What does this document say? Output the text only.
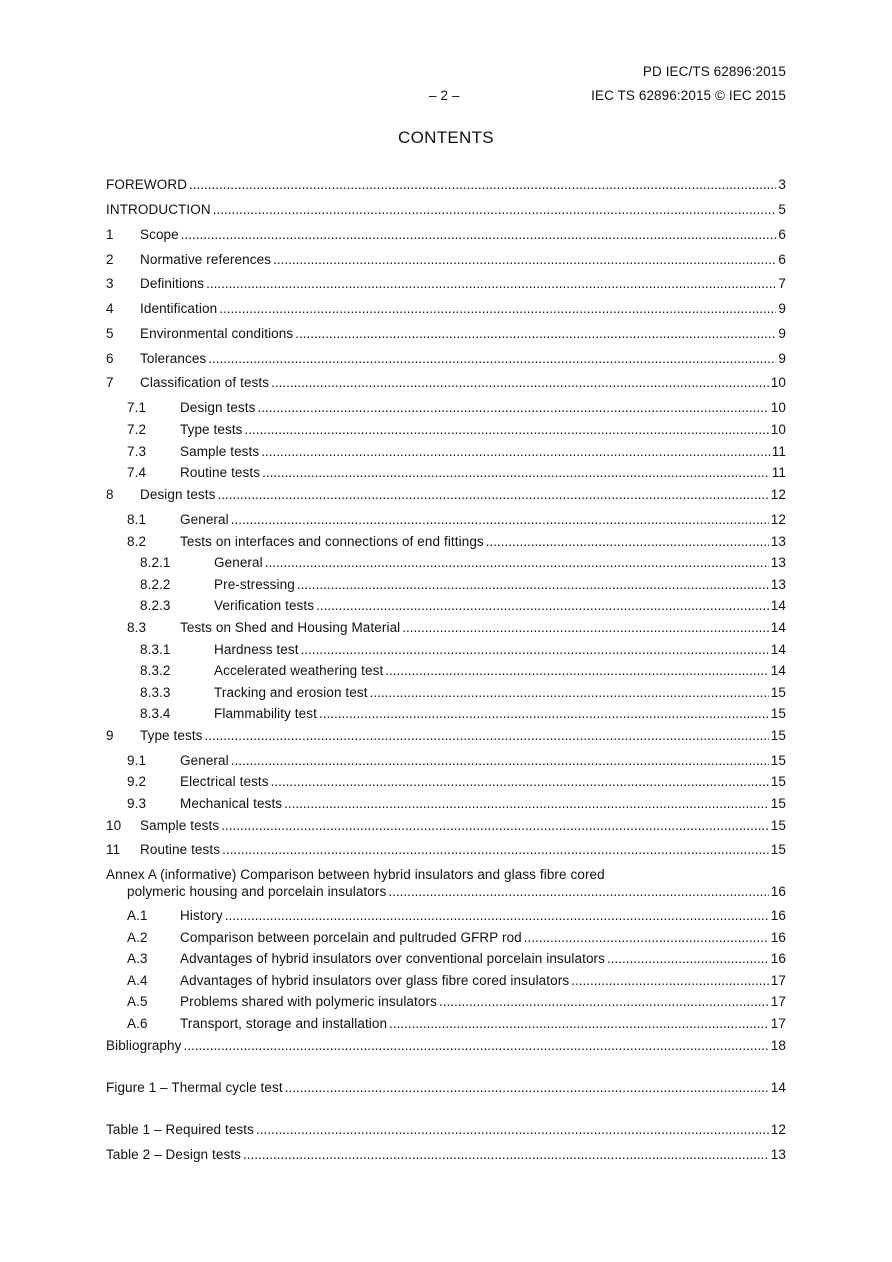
PD IEC/TS 62896:2015
– 2 –	IEC TS 62896:2015 © IEC 2015
CONTENTS
FOREWORD .....	3
INTRODUCTION .....	5
1	Scope .....	6
2	Normative references .....	6
3	Definitions .....	7
4	Identification .....	9
5	Environmental conditions .....	9
6	Tolerances .....	9
7	Classification of tests .....	10
7.1	Design tests .....	10
7.2	Type tests .....	10
7.3	Sample tests .....	11
7.4	Routine tests .....	11
8	Design tests .....	12
8.1	General .....	12
8.2	Tests on interfaces and connections of end fittings .....	13
8.2.1	General .....	13
8.2.2	Pre-stressing .....	13
8.2.3	Verification tests .....	14
8.3	Tests on Shed and Housing Material .....	14
8.3.1	Hardness test .....	14
8.3.2	Accelerated weathering test .....	14
8.3.3	Tracking and erosion test .....	15
8.3.4	Flammability test .....	15
9	Type tests .....	15
9.1	General .....	15
9.2	Electrical tests .....	15
9.3	Mechanical tests .....	15
10	Sample tests .....	15
11	Routine tests .....	15
Annex A (informative) Comparison between hybrid insulators and glass fibre cored
polymeric housing and porcelain insulators .....	16
A.1	History .....	16
A.2	Comparison between porcelain and pultruded GFRP rod .....	16
A.3	Advantages of hybrid insulators over conventional porcelain insulators .....	16
A.4	Advantages of hybrid insulators over glass fibre cored insulators .....	17
A.5	Problems shared with polymeric insulators .....	17
A.6	Transport, storage and installation .....	17
Bibliography .....	18
Figure 1 – Thermal cycle test .....	14
Table 1 – Required tests .....	12
Table 2 – Design tests .....	13
